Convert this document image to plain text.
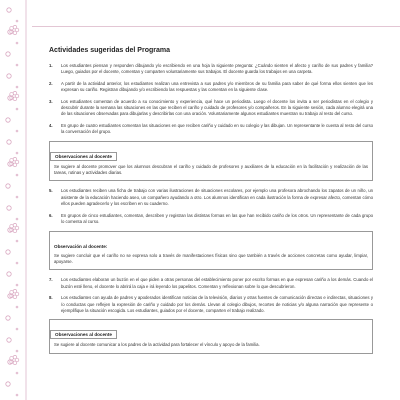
Actividades sugeridas del Programa
1.	Los estudiantes piensan y responden dibujando y/o escribiendo en una hoja la siguiente pregunta: ¿Cuándo sienten el afecto y cariño de sus padres y familia? Luego, guiados por el docente, comentan y comparten voluntariamente sus trabajos. El docente guarda los trabajos en una carpeta.
2.	A partir de la actividad anterior, los estudiantes realizan una entrevista a sus padres y/o miembros de su familia para saber de qué forma ellos sienten que les expresan su cariño. Registran dibujando y/o escribiendo las respuestas y las comentan en la siguiente clase.
3.	Los estudiantes comentan de acuerdo a su conocimiento y experiencia, qué hace un periodista. Luego el docente los invita a ser periodistas en el colegio y descubrir durante la semana las situaciones en las que reciben el cariño y cuidado de profesores y/o compañeros. En la siguiente sesión, cada alumno elegirá una de las situaciones observadas para dibujarlas y describirlas con una oración. Voluntariamente algunos estudiantes muestran su trabajo al resto del curso.
4.	En grupo de cuatro estudiantes comentan las situaciones en que reciben cariño y cuidado en su colegio y las dibujan. Un representante le cuenta al resto del curso la conversación del grupo.
Observaciones al docente
Se sugiere al docente promover que los alumnos descubran el cariño y cuidado de profesores y auxiliares de la educación en la facilitación y realización de las tareas, rutinas y actividades diarias.
5.	Los estudiantes reciben una ficha de trabajo con varias ilustraciones de situaciones escolares, por ejemplo una profesora abrochando los zapatos de un niño, un asistente de la educación haciendo aseo, un compañero ayudando a otro. Los alumnos identifican en cada ilustración la forma de expresar afecto, comentan cómo ellos pueden agradecerlo y los escriben en su cuaderno.
6.	En grupos de cinco estudiantes, comentan, describen y registran las distintas formas en las que han recibido cariño de los otros. Un representante de cada grupo lo comenta al curso.
Observación al docente:
Se sugiere concluir que el cariño no se expresa solo a través de manifestaciones físicas sino que también a través de acciones concretas como ayudar, limpiar, apoyarse.
7.	Los estudiantes elaboran un buzón en el que piden a otras personas del establecimiento poner por escrito formas en que expresan cariño a los demás. Cuando el buzón esté lleno, el docente lo abrirá la caja e irá leyendo los papelitos. Comentan y reflexionan sobre lo que descubrieron.
8.	Los estudiantes con ayuda de padres y apoderados identifican noticias de la televisión, diarios y otras fuentes de comunicación directas e indirectas, situaciones y /o conductas que reflejen la expresión de cariño y cuidado por los demás. Llevan al colegio dibujos, recortes de noticias y/o alguna narración que represente o ejemplifique la situación escogida. Los estudiantes, guiados por el docente, comparten el trabajo realizado.
Observaciones al docente
Se sugiere al docente comunicar a los padres de la actividad para fortalecer el vínculo y apoyo de la familia.
